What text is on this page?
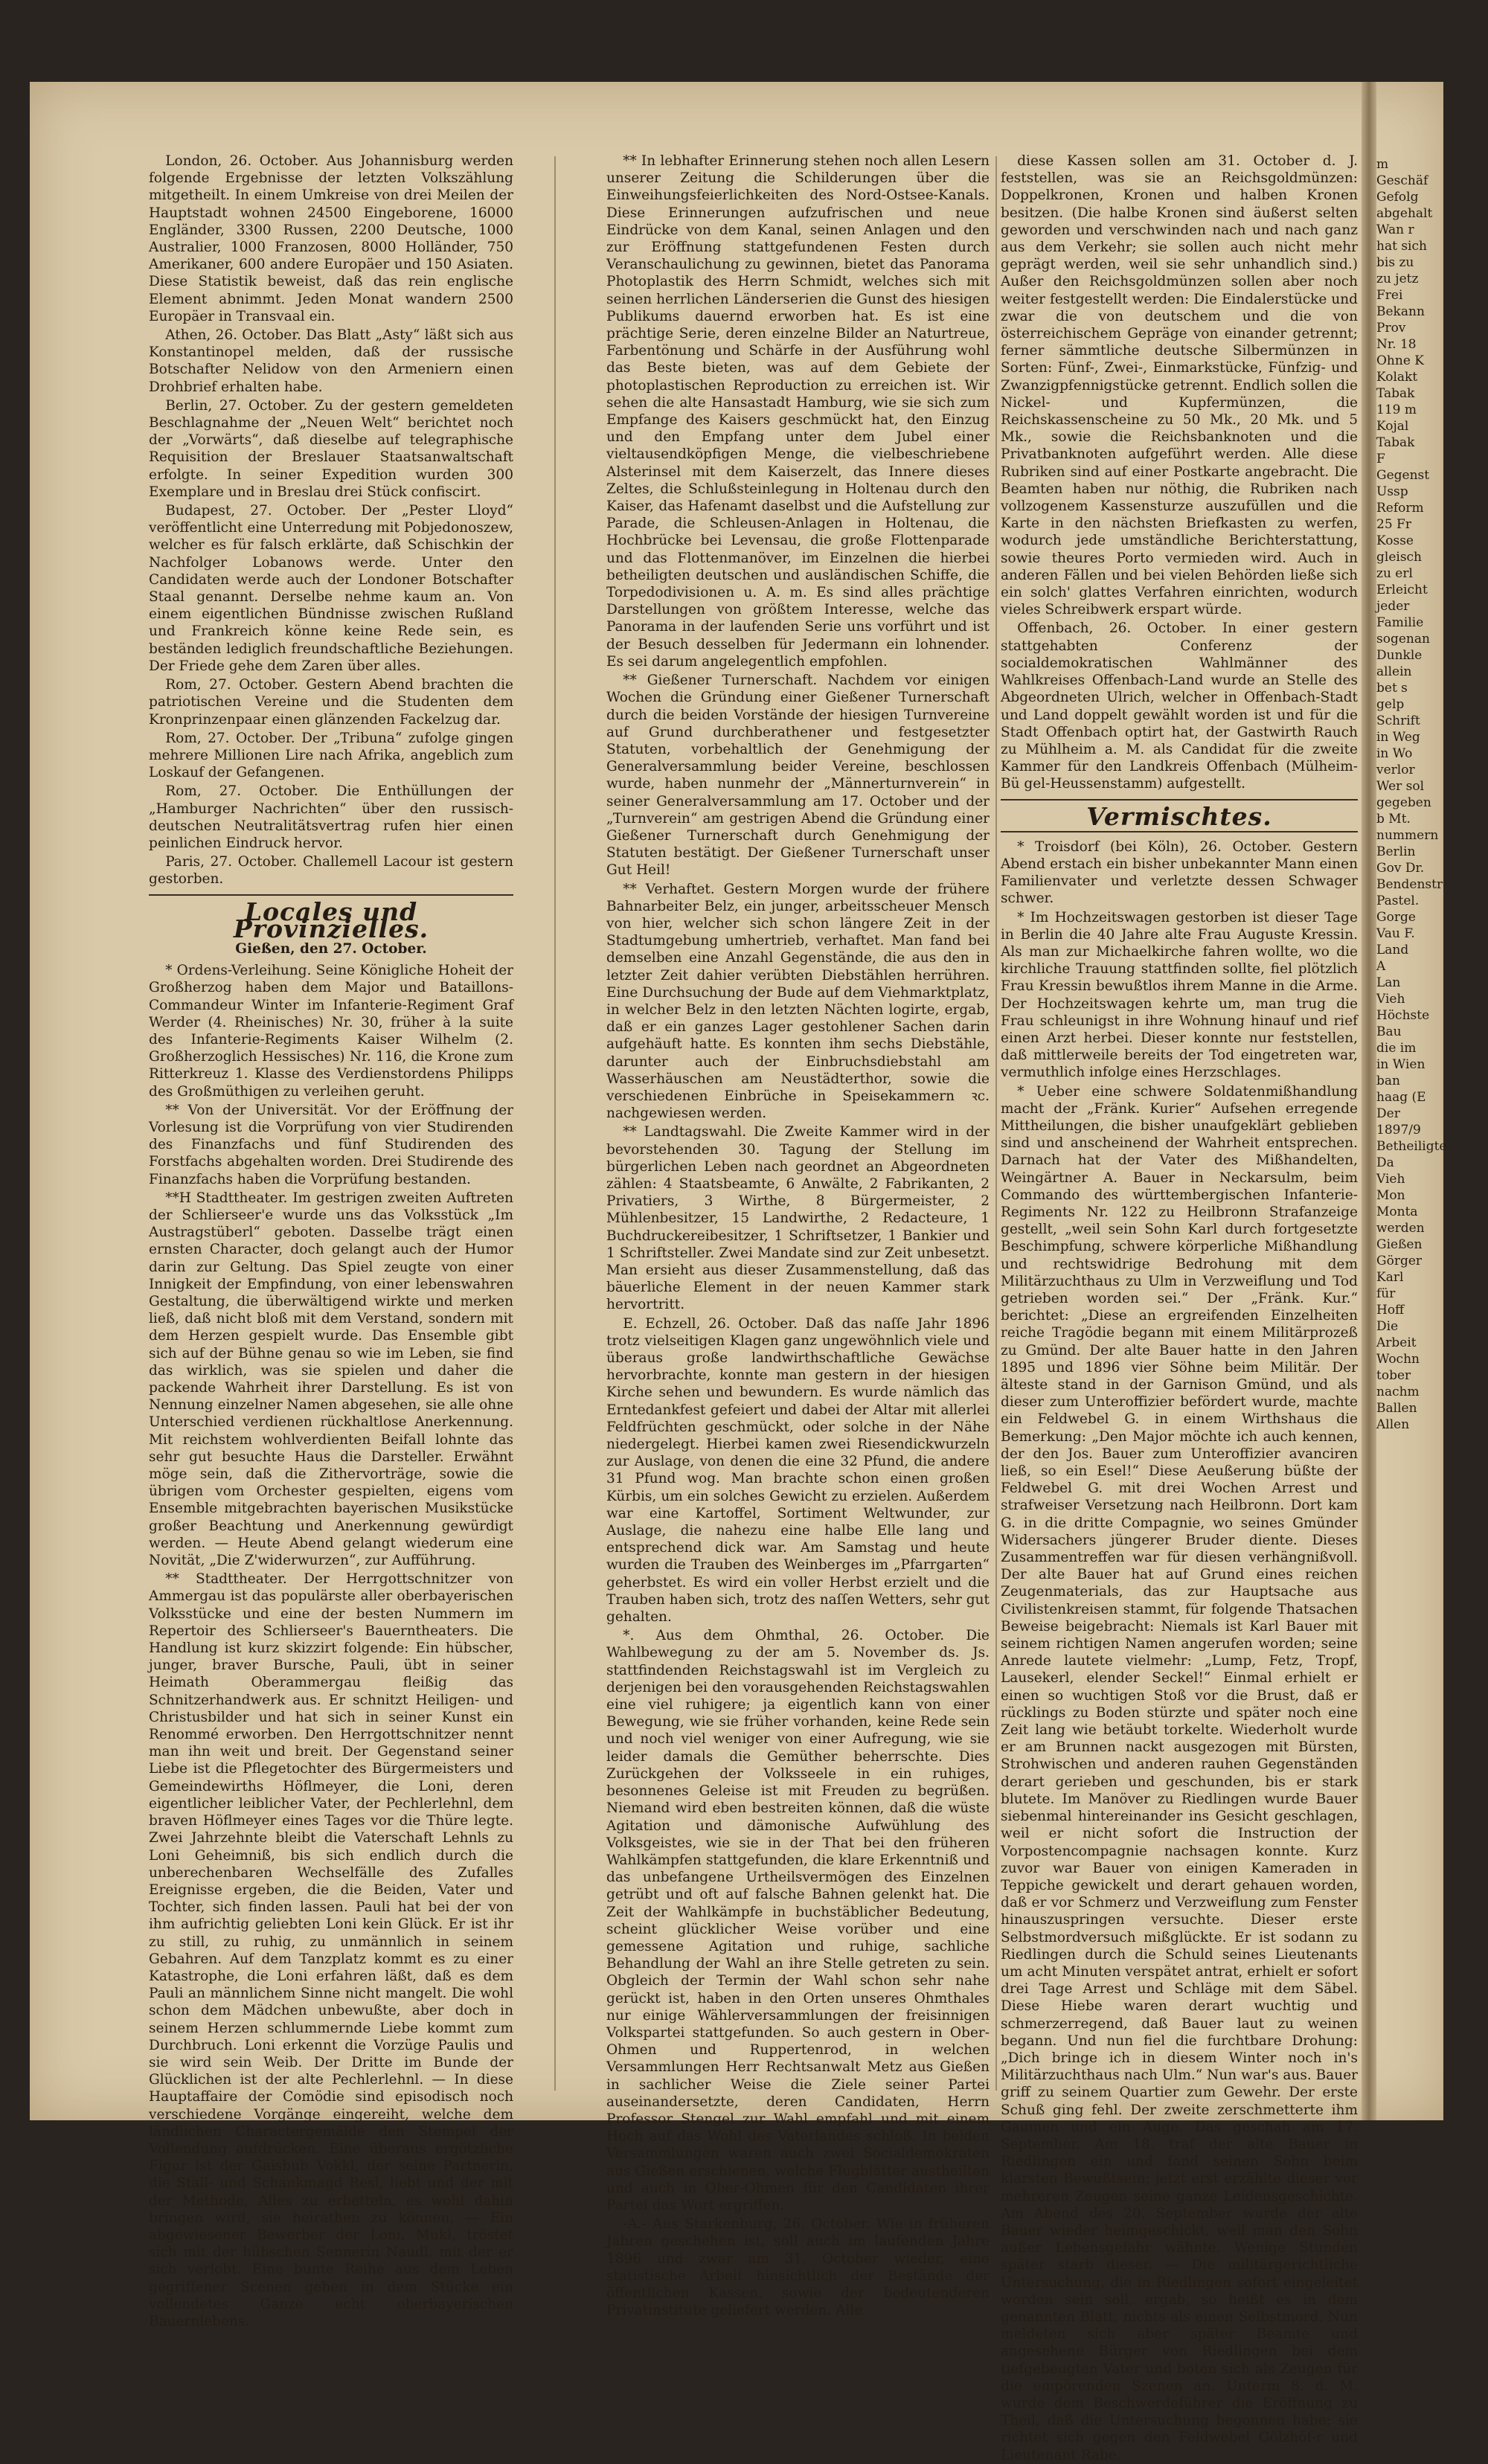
London, 26. October. Aus Johannisburg werden folgende Ergebnisse der letzten Volkszählung mitgetheilt. In einem Umkreise von drei Meilen der Hauptstadt wohnen 24500 Eingeborene, 16000 Engländer, 3300 Russen, 2200 Deutsche, 1000 Australier, 1000 Franzosen, 8000 Holländer, 750 Amerikaner, 600 andere Europäer und 150 Asiaten. Diese Statistik beweist, daß das rein englische Element abnimmt. Jeden Monat wandern 2500 Europäer in Transvaal ein.

Athen, 26. October. Das Blatt „Asty“ läßt sich aus Konstantinopel melden, daß der russische Botschafter Nelidow von den Armeniern einen Drohbrief erhalten habe.

Berlin, 27. October. Zu der gestern gemeldeten Beschlagnahme der „Neuen Welt“ berichtet noch der „Vorwärts“, daß dieselbe auf telegraphische Requisition der Breslauer Staatsanwaltschaft erfolgte. In seiner Expedition wurden 300 Exemplare und in Breslau drei Stück confiscirt.

Budapest, 27. October. Der „Pester Lloyd“ veröffentlicht eine Unterredung mit Pobjedonoszew, welcher es für falsch erklärte, daß Schischkin der Nachfolger Lobanows werde. Unter den Candidaten werde auch der Londoner Botschafter Staal genannt. Derselbe nehme kaum an. Von einem eigentlichen Bündnisse zwischen Rußland und Frankreich könne keine Rede sein, es beständen lediglich freundschaftliche Beziehungen. Der Friede gehe dem Zaren über alles.

Rom, 27. October. Gestern Abend brachten die patriotischen Vereine und die Studenten dem Kronprinzenpaar einen glänzenden Fackelzug dar.

Rom, 27. October. Der „Tribuna“ zufolge gingen mehrere Millionen Lire nach Afrika, angeblich zum Loskauf der Gefangenen.

Rom, 27. October. Die Enthüllungen der „Hamburger Nachrichten“ über den russisch-deutschen Neutralitätsvertrag rufen hier einen peinlichen Eindruck hervor.

Paris, 27. October. Challemell Lacour ist gestern gestorben.

Locales und Provinzielles.
Gießen, den 27. October.

* Ordens-Verleihung. Seine Königliche Hoheit der Großherzog haben dem Major und Bataillons-Commandeur Winter im Infanterie-Regiment Graf Werder (4. Rheinisches) Nr. 30, früher à la suite des Infanterie-Regiments Kaiser Wilhelm (2. Großherzoglich Hessisches) Nr. 116, die Krone zum Ritterkreuz 1. Klasse des Verdienstordens Philipps des Großmüthigen zu verleihen geruht.

** Von der Universität. Vor der Eröffnung der Vorlesung ist die Vorprüfung von vier Studirenden des Finanzfachs und fünf Studirenden des Forstfachs abgehalten worden. Drei Studirende des Finanzfachs haben die Vorprüfung bestanden.

**H Stadttheater. Im gestrigen zweiten Auftreten der Schlierseer'e wurde uns das Volksstück „Im Austragstüberl“ geboten. Dasselbe trägt einen ernsten Character, doch gelangt auch der Humor darin zur Geltung. Das Spiel zeugte von einer Innigkeit der Empfindung, von einer lebenswahren Gestaltung, die überwältigend wirkte und merken ließ, daß nicht bloß mit dem Verstand, sondern mit dem Herzen gespielt wurde. Das Ensemble gibt sich auf der Bühne genau so wie im Leben, sie find das wirklich, was sie spielen und daher die packende Wahrheit ihrer Darstellung. Es ist von Nennung einzelner Namen abgesehen, sie alle ohne Unterschied verdienen rückhaltlose Anerkennung. Mit reichstem wohlverdienten Beifall lohnte das sehr gut besuchte Haus die Darsteller. Erwähnt möge sein, daß die Zithervorträge, sowie die übrigen vom Orchester gespielten, eigens vom Ensemble mitgebrachten bayerischen Musikstücke großer Beachtung und Anerkennung gewürdigt werden. — Heute Abend gelangt wiederum eine Novität, „Die Z'widerwurzen“, zur Aufführung.

** Stadttheater. Der Herrgottschnitzer von Ammergau ist das populärste aller oberbayerischen Volksstücke und eine der besten Nummern im Repertoir des Schlierseer's Bauerntheaters. Die Handlung ist kurz skizzirt folgende: Ein hübscher, junger, braver Bursche, Pauli, übt in seiner Heimath Oberammergau fleißig das Schnitzerhandwerk aus. Er schnitzt Heiligen- und Christusbilder und hat sich in seiner Kunst ein Renommé erworben. Den Herrgottschnitzer nennt man ihn weit und breit. Der Gegenstand seiner Liebe ist die Pflegetochter des Bürgermeisters und Gemeindewirths Höflmeyer, die Loni, deren eigentlicher leiblicher Vater, der Pechlerlehnl, dem braven Höflmeyer eines Tages vor die Thüre legte. Zwei Jahrzehnte bleibt die Vaterschaft Lehnls zu Loni Geheimniß, bis sich endlich durch die unberechenbaren Wechselfälle des Zufalles Ereignisse ergeben, die die Beiden, Vater und Tochter, sich finden lassen. Pauli hat bei der von ihm aufrichtig geliebten Loni kein Glück. Er ist ihr zu still, zu ruhig, zu unmännlich in seinem Gebahren. Auf dem Tanzplatz kommt es zu einer Katastrophe, die Loni erfahren läßt, daß es dem Pauli an männlichem Sinne nicht mangelt. Die wohl schon dem Mädchen unbewußte, aber doch in seinem Herzen schlummernde Liebe kommt zum Durchbruch. Loni erkennt die Vorzüge Paulis und sie wird sein Weib. Der Dritte im Bunde der Glücklichen ist der alte Pechlerlehnl. — In diese Hauptaffaire der Comödie sind episodisch noch verschiedene Vorgänge eingereiht, welche dem ländlichen Charactergemälde den Stempel der Vollendung aufdrücken. Eine überaus ergötzliche Figur ist der Gaisbub Vokkl, der seine Partnerin, die Stall- und Schankmagd Resl, liebt und der mit der Methode, Alles zu erbetteln, es wohl dahin bringen wird, sie heirathen zu können. — Ein abgewiesener Bewerber der Loni, Mukl, tröstet sich mit der hübschen Sennerin Naudl, mit der er sich verlobt. Eine bunte Reihe aus dem Leben gegriffener Scenen geben in dem Stücke ein vollendetes Ganze echt oberbayerischen Bauernlebens.

** In lebhafter Erinnerung stehen noch allen Lesern unserer Zeitung die Schilderungen über die Einweihungsfeierlichkeiten des Nord-Ostsee-Kanals. Diese Erinnerungen aufzufrischen und neue Eindrücke von dem Kanal, seinen Anlagen und den zur Eröffnung stattgefundenen Festen durch Veranschaulichung zu gewinnen, bietet das Panorama Photoplastik des Herrn Schmidt, welches sich mit seinen herrlichen Länderserien die Gunst des hiesigen Publikums dauernd erworben hat. Es ist eine prächtige Serie, deren einzelne Bilder an Naturtreue, Farbentönung und Schärfe in der Ausführung wohl das Beste bieten, was auf dem Gebiete der photoplastischen Reproduction zu erreichen ist. Wir sehen die alte Hansastadt Hamburg, wie sie sich zum Empfange des Kaisers geschmückt hat, den Einzug und den Empfang unter dem Jubel einer vieltausendköpfigen Menge, die vielbeschriebene Alsterinsel mit dem Kaiserzelt, das Innere dieses Zeltes, die Schlußsteinlegung in Holtenau durch den Kaiser, das Hafenamt daselbst und die Aufstellung zur Parade, die Schleusen-Anlagen in Holtenau, die Hochbrücke bei Levensau, die große Flottenparade und das Flottenmanöver, im Einzelnen die hierbei betheiligten deutschen und ausländischen Schiffe, die Torpedodivisionen u. A. m. Es sind alles prächtige Darstellungen von größtem Interesse, welche das Panorama in der laufenden Serie uns vorführt und ist der Besuch desselben für Jedermann ein lohnender. Es sei darum angelegentlich empfohlen.

** Gießener Turnerschaft. Nachdem vor einigen Wochen die Gründung einer Gießener Turnerschaft durch die beiden Vorstände der hiesigen Turnvereine auf Grund durchberathener und festgesetzter Statuten, vorbehaltlich der Genehmigung der Generalversammlung beider Vereine, beschlossen wurde, haben nunmehr der „Männerturnverein“ in seiner Generalversammlung am 17. October und der „Turnverein“ am gestrigen Abend die Gründung einer Gießener Turnerschaft durch Genehmigung der Statuten bestätigt. Der Gießener Turnerschaft unser Gut Heil!

** Verhaftet. Gestern Morgen wurde der frühere Bahnarbeiter Belz, ein junger, arbeitsscheuer Mensch von hier, welcher sich schon längere Zeit in der Stadtumgebung umhertrieb, verhaftet. Man fand bei demselben eine Anzahl Gegenstände, die aus den in letzter Zeit dahier verübten Diebstählen herrühren. Eine Durchsuchung der Bude auf dem Viehmarktplatz, in welcher Belz in den letzten Nächten logirte, ergab, daß er ein ganzes Lager gestohlener Sachen darin aufgehäuft hatte. Es konnten ihm sechs Diebstähle, darunter auch der Einbruchsdiebstahl am Wasserhäuschen am Neustädterthor, sowie die verschiedenen Einbrüche in Speisekammern ꝛc. nachgewiesen werden.

** Landtagswahl. Die Zweite Kammer wird in der bevorstehenden 30. Tagung der Stellung im bürgerlichen Leben nach geordnet an Abgeordneten zählen: 4 Staatsbeamte, 6 Anwälte, 2 Fabrikanten, 2 Privatiers, 3 Wirthe, 8 Bürgermeister, 2 Mühlenbesitzer, 15 Landwirthe, 2 Redacteure, 1 Buchdruckereibesitzer, 1 Schriftsetzer, 1 Bankier und 1 Schriftsteller. Zwei Mandate sind zur Zeit unbesetzt. Man ersieht aus dieser Zusammenstellung, daß das bäuerliche Element in der neuen Kammer stark hervortritt.

E. Echzell, 26. October. Daß das naſſe Jahr 1896 trotz vielseitigen Klagen ganz ungewöhnlich viele und überaus große landwirthschaftliche Gewächse hervorbrachte, konnte man gestern in der hiesigen Kirche sehen und bewundern. Es wurde nämlich das Erntedankfest gefeiert und dabei der Altar mit allerlei Feldfrüchten geschmückt, oder solche in der Nähe niedergelegt. Hierbei kamen zwei Riesendickwurzeln zur Auslage, von denen die eine 32 Pfund, die andere 31 Pfund wog. Man brachte schon einen großen Kürbis, um ein solches Gewicht zu erzielen. Außerdem war eine Kartoffel, Sortiment Weltwunder, zur Auslage, die nahezu eine halbe Elle lang und entsprechend dick war. Am Samstag und heute wurden die Trauben des Weinberges im „Pfarrgarten“ geherbstet. Es wird ein voller Herbst erzielt und die Trauben haben sich, trotz des naſſen Wetters, sehr gut gehalten.

*. Aus dem Ohmthal, 26. October. Die Wahlbewegung zu der am 5. November ds. Js. stattfindenden Reichstagswahl ist im Vergleich zu derjenigen bei den vorausgehenden Reichstagswahlen eine viel ruhigere; ja eigentlich kann von einer Bewegung, wie sie früher vorhanden, keine Rede sein und noch viel weniger von einer Aufregung, wie sie leider damals die Gemüther beherrschte. Dies Zurückgehen der Volksseele in ein ruhiges, besonnenes Geleise ist mit Freuden zu begrüßen. Niemand wird eben bestreiten können, daß die wüste Agitation und dämonische Aufwühlung des Volksgeistes, wie sie in der That bei den früheren Wahlkämpfen stattgefunden, die klare Erkenntniß und das unbefangene Urtheilsvermögen des Einzelnen getrübt und oft auf falsche Bahnen gelenkt hat. Die Zeit der Wahlkämpfe in buchstäblicher Bedeutung, scheint glücklicher Weise vorüber und eine gemessene Agitation und ruhige, sachliche Behandlung der Wahl an ihre Stelle getreten zu sein. Obgleich der Termin der Wahl schon sehr nahe gerückt ist, haben in den Orten unseres Ohmthales nur einige Wählerversammlungen der freisinnigen Volkspartei stattgefunden. So auch gestern in Ober-Ohmen und Ruppertenrod, in welchen Versammlungen Herr Rechtsanwalt Metz aus Gießen in sachlicher Weise die Ziele seiner Partei auseinandersetzte, deren Candidaten, Herrn Professor Stengel zur Wahl empfahl und mit einem Hoch auf das Wohl des Vaterlandes schloß. In beiden Versammlungen waren auch zwei Socialdemokraten aus Gießen erschienen, welche Flugblätter austheilten und auch in Ober-Ohmen für den Candidaten ihrer Partei das Wort ergriffen.

-A.- Aus Starkenburg, 26. October. Wie in früheren Jahren geschehen ist, soll auch im laufenden Jahre 1896 und zwar am 31. October wieder, eine statistische Arbeit hinsichtlich der Bestände der öffentlichen Kassen, sowie der bedeutenderen Privatinstitute geliefert werden. Alle

diese Kassen sollen am 31. October d. J. feststellen, was sie an Reichsgoldmünzen: Doppelkronen, Kronen und halben Kronen besitzen. (Die halbe Kronen sind äußerst selten geworden und verschwinden nach und nach ganz aus dem Verkehr; sie sollen auch nicht mehr geprägt werden, weil sie sehr unhandlich sind.) Außer den Reichsgoldmünzen sollen aber noch weiter festgestellt werden: Die Eindalerstücke und zwar die von deutschem und die von österreichischem Gepräge von einander getrennt; ferner sämmtliche deutsche Silbermünzen in Sorten: Fünf-, Zwei-, Einmarkstücke, Fünfzig- und Zwanzigpfennigstücke getrennt. Endlich sollen die Nickel- und Kupfermünzen, die Reichskassenscheine zu 50 Mk., 20 Mk. und 5 Mk., sowie die Reichsbanknoten und die Privatbanknoten aufgeführt werden. Alle diese Rubriken sind auf einer Postkarte angebracht. Die Beamten haben nur nöthig, die Rubriken nach vollzogenem Kassensturze auszufüllen und die Karte in den nächsten Briefkasten zu werfen, wodurch jede umständliche Berichterstattung, sowie theures Porto vermieden wird. Auch in anderen Fällen und bei vielen Behörden ließe sich ein solch' glattes Verfahren einrichten, wodurch vieles Schreibwerk erspart würde.

Offenbach, 26. October. In einer gestern stattgehabten Conferenz der socialdemokratischen Wahlmänner des Wahlkreises Offenbach-Land wurde an Stelle des Abgeordneten Ulrich, welcher in Offenbach-Stadt und Land doppelt gewählt worden ist und für die Stadt Offenbach optirt hat, der Gastwirth Rauch zu Mühlheim a. M. als Candidat für die zweite Kammer für den Landkreis Offenbach (Mülheim-Bü gel-Heussenstamm) aufgestellt.

Vermischtes.

* Troisdorf (bei Köln), 26. October. Gestern Abend erstach ein bisher unbekannter Mann einen Familienvater und verletzte dessen Schwager schwer.

* Im Hochzeitswagen gestorben ist dieser Tage in Berlin die 40 Jahre alte Frau Auguste Kressin. Als man zur Michaelkirche fahren wollte, wo die kirchliche Trauung stattfinden sollte, fiel plötzlich Frau Kressin bewußtlos ihrem Manne in die Arme. Der Hochzeitswagen kehrte um, man trug die Frau schleunigst in ihre Wohnung hinauf und rief einen Arzt herbei. Dieser konnte nur feststellen, daß mittlerweile bereits der Tod eingetreten war, vermuthlich infolge eines Herzschlages.

* Ueber eine schwere Soldatenmißhandlung macht der „Fränk. Kurier“ Aufsehen erregende Mittheilungen, die bisher unaufgeklärt geblieben sind und anscheinend der Wahrheit entsprechen. Darnach hat der Vater des Mißhandelten, Weingärtner A. Bauer in Neckarsulm, beim Commando des württembergischen Infanterie-Regiments Nr. 122 zu Heilbronn Strafanzeige gestellt, „weil sein Sohn Karl durch fortgesetzte Beschimpfung, schwere körperliche Mißhandlung und rechtswidrige Bedrohung mit dem Militärzuchthaus zu Ulm in Verzweiflung und Tod getrieben worden sei.“ Der „Fränk. Kur.“ berichtet: „Diese an ergreifenden Einzelheiten reiche Tragödie begann mit einem Militärprozeß zu Gmünd. Der alte Bauer hatte in den Jahren 1895 und 1896 vier Söhne beim Militär. Der älteste stand in der Garnison Gmünd, und als dieser zum Unteroffizier befördert wurde, machte ein Feldwebel G. in einem Wirthshaus die Bemerkung: „Den Major möchte ich auch kennen, der den Jos. Bauer zum Unteroffizier avanciren ließ, so ein Esel!“ Diese Aeußerung büßte der Feldwebel G. mit drei Wochen Arrest und strafweiser Versetzung nach Heilbronn. Dort kam G. in die dritte Compagnie, wo seines Gmünder Widersachers jüngerer Bruder diente. Dieses Zusammentreffen war für diesen verhängnißvoll. Der alte Bauer hat auf Grund eines reichen Zeugenmaterials, das zur Hauptsache aus Civilistenkreisen stammt, für folgende Thatsachen Beweise beigebracht: Niemals ist Karl Bauer mit seinem richtigen Namen angerufen worden; seine Anrede lautete vielmehr: „Lump, Fetz, Tropf, Lausekerl, elender Seckel!“ Einmal erhielt er einen so wuchtigen Stoß vor die Brust, daß er rücklings zu Boden stürzte und später noch eine Zeit lang wie betäubt torkelte. Wiederholt wurde er am Brunnen nackt ausgezogen mit Bürsten, Strohwischen und anderen rauhen Gegenständen derart gerieben und geschunden, bis er stark blutete. Im Manöver zu Riedlingen wurde Bauer siebenmal hintereinander ins Gesicht geschlagen, weil er nicht sofort die Instruction der Vorpostencompagnie nachsagen konnte. Kurz zuvor war Bauer von einigen Kameraden in Teppiche gewickelt und derart gehauen worden, daß er vor Schmerz und Verzweiflung zum Fenster hinauszuspringen versuchte. Dieser erste Selbstmordversuch mißglückte. Er ist sodann zu Riedlingen durch die Schuld seines Lieutenants um acht Minuten verspätet antrat, erhielt er sofort drei Tage Arrest und Schläge mit dem Säbel. Diese Hiebe waren derart wuchtig und schmerzerregend, daß Bauer laut zu weinen begann. Und nun fiel die furchtbare Drohung: „Dich bringe ich in diesem Winter noch in's Militärzuchthaus nach Ulm.“ Nun war's aus. Bauer griff zu seinem Quartier zum Gewehr. Der erste Schuß ging fehl. Der zweite zerschmetterte ihm Gaumen und ein Auge. Das geschah am 17. September. Am 18. traf der alte Bauer in Riedlingen ein und fand seinen Sohn beim klarsten Bewußtsein; jetzt erst erzählte dieser vor mehreren Zeugen seine ganze Leidensgeschichte. Am Abend des 20. September wurde der alte Bauer wieder heimgeschickt, weil man den Sohn außer Lebensgefahr wähnte. Wenige Stunden später starb dieser. — Die militärgerichtliche Untersuchung, die in Riedlingen sofort eingeleitet worden sein soll, ergab, so heißt es in dem genannten Blatt, nichts als einen Selbstmord. Nun meldeten sich aber später Beamte und angesehene Bürger von Riedlingen bei dem tiefgebeugten Vater und boten sich als Zeugen für die empörenden Szenen an. Unterm 8. d. M. wurde dem Beschwerdeführer die Eröffnung zu Theil, daß die Untersuchung begonnen habe; sie richtet sich gegen den Feldwebel Gölzhöf-r und Lieutenant Rabe.

m
Geschäf
Gefolg
abgehalt
Wan r
hat sich
bis zu
zu jetz
Frei
Bekann
Prov
Nr. 18
Ohne K
Kolakt
Tabak
119 m
Kojal
Tabak
F
Gegenst
Ussp
Reform
25 Fr
Kosse
gleisch
zu erl
Erleicht
jeder
Familie
sogenan
Dunkle
allein
bet s
gelp
Schrift
in Weg
in Wo
verlor
Wer sol
gegeben
b Mt.
nummern
Berlin
Gov Dr.
Bendenstr
Pastel.
Gorge
Vau F.
Land
A
Lan
Vieh
Höchste
Bau
die im
in Wien
ban
haag (E
Der
1897/9
Betheiligte
Da
Vieh
Mon
Monta
werden
Gießen
Görger
Karl
für
Hoff
Die
Arbeit
Wochn
tober
nachm
Ballen
Allen
